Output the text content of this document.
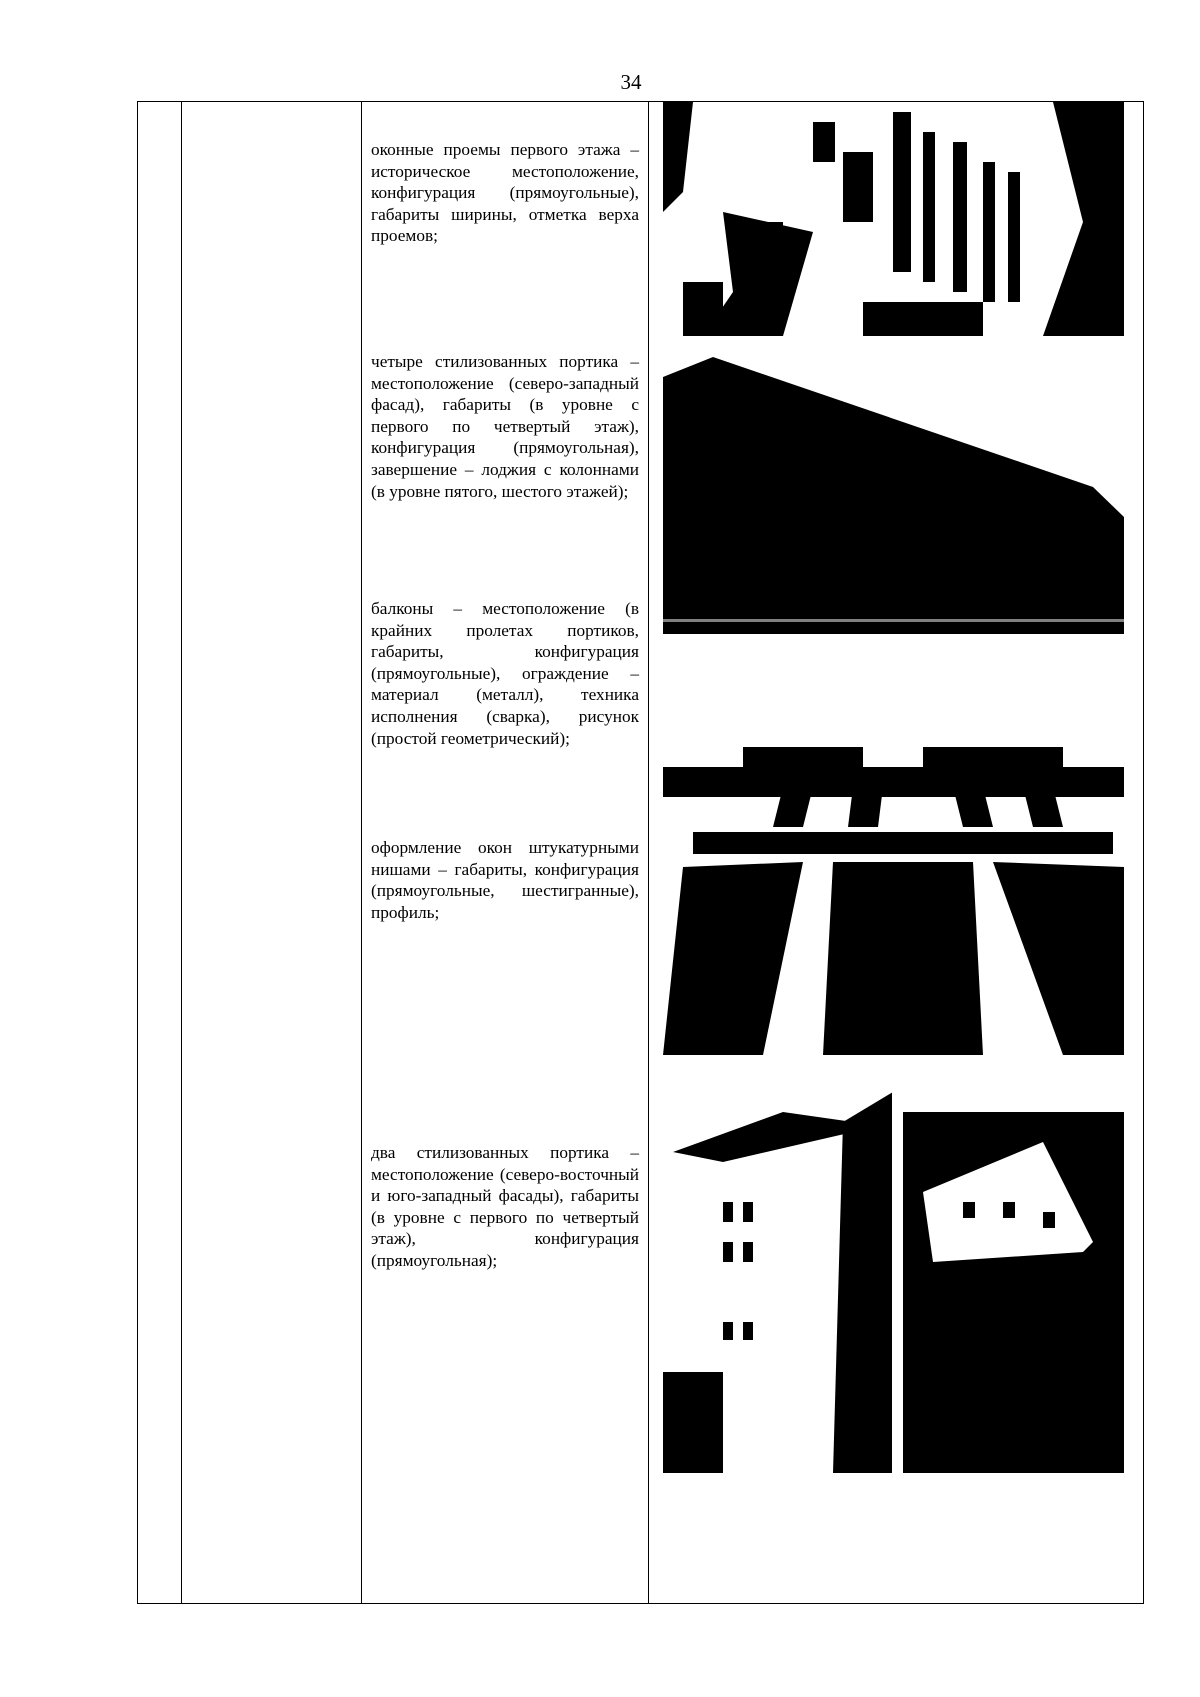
34
оконные проемы первого этажа – историческое местоположение, конфигурация (прямоугольные), габариты ширины, отметка верха проемов;
четыре стилизованных портика – местоположение (северо-западный фасад), габариты (в уровне с первого по четвертый этаж), конфигурация (прямоугольная), завершение – лоджия с колоннами (в уровне пятого, шестого этажей);
балконы – местоположение (в крайних пролетах портиков, габариты, конфигурация (прямоугольные), ограждение – материал (металл), техника исполнения (сварка), рисунок (простой геометрический);
оформление окон штукатурными нишами – габариты, конфигурация (прямоугольные, шестигранные), профиль;
два стилизованных портика – местоположение (северо-восточный и юго-западный фасады), габариты (в уровне с первого по четвертый этаж), конфигурация (прямоугольная);
